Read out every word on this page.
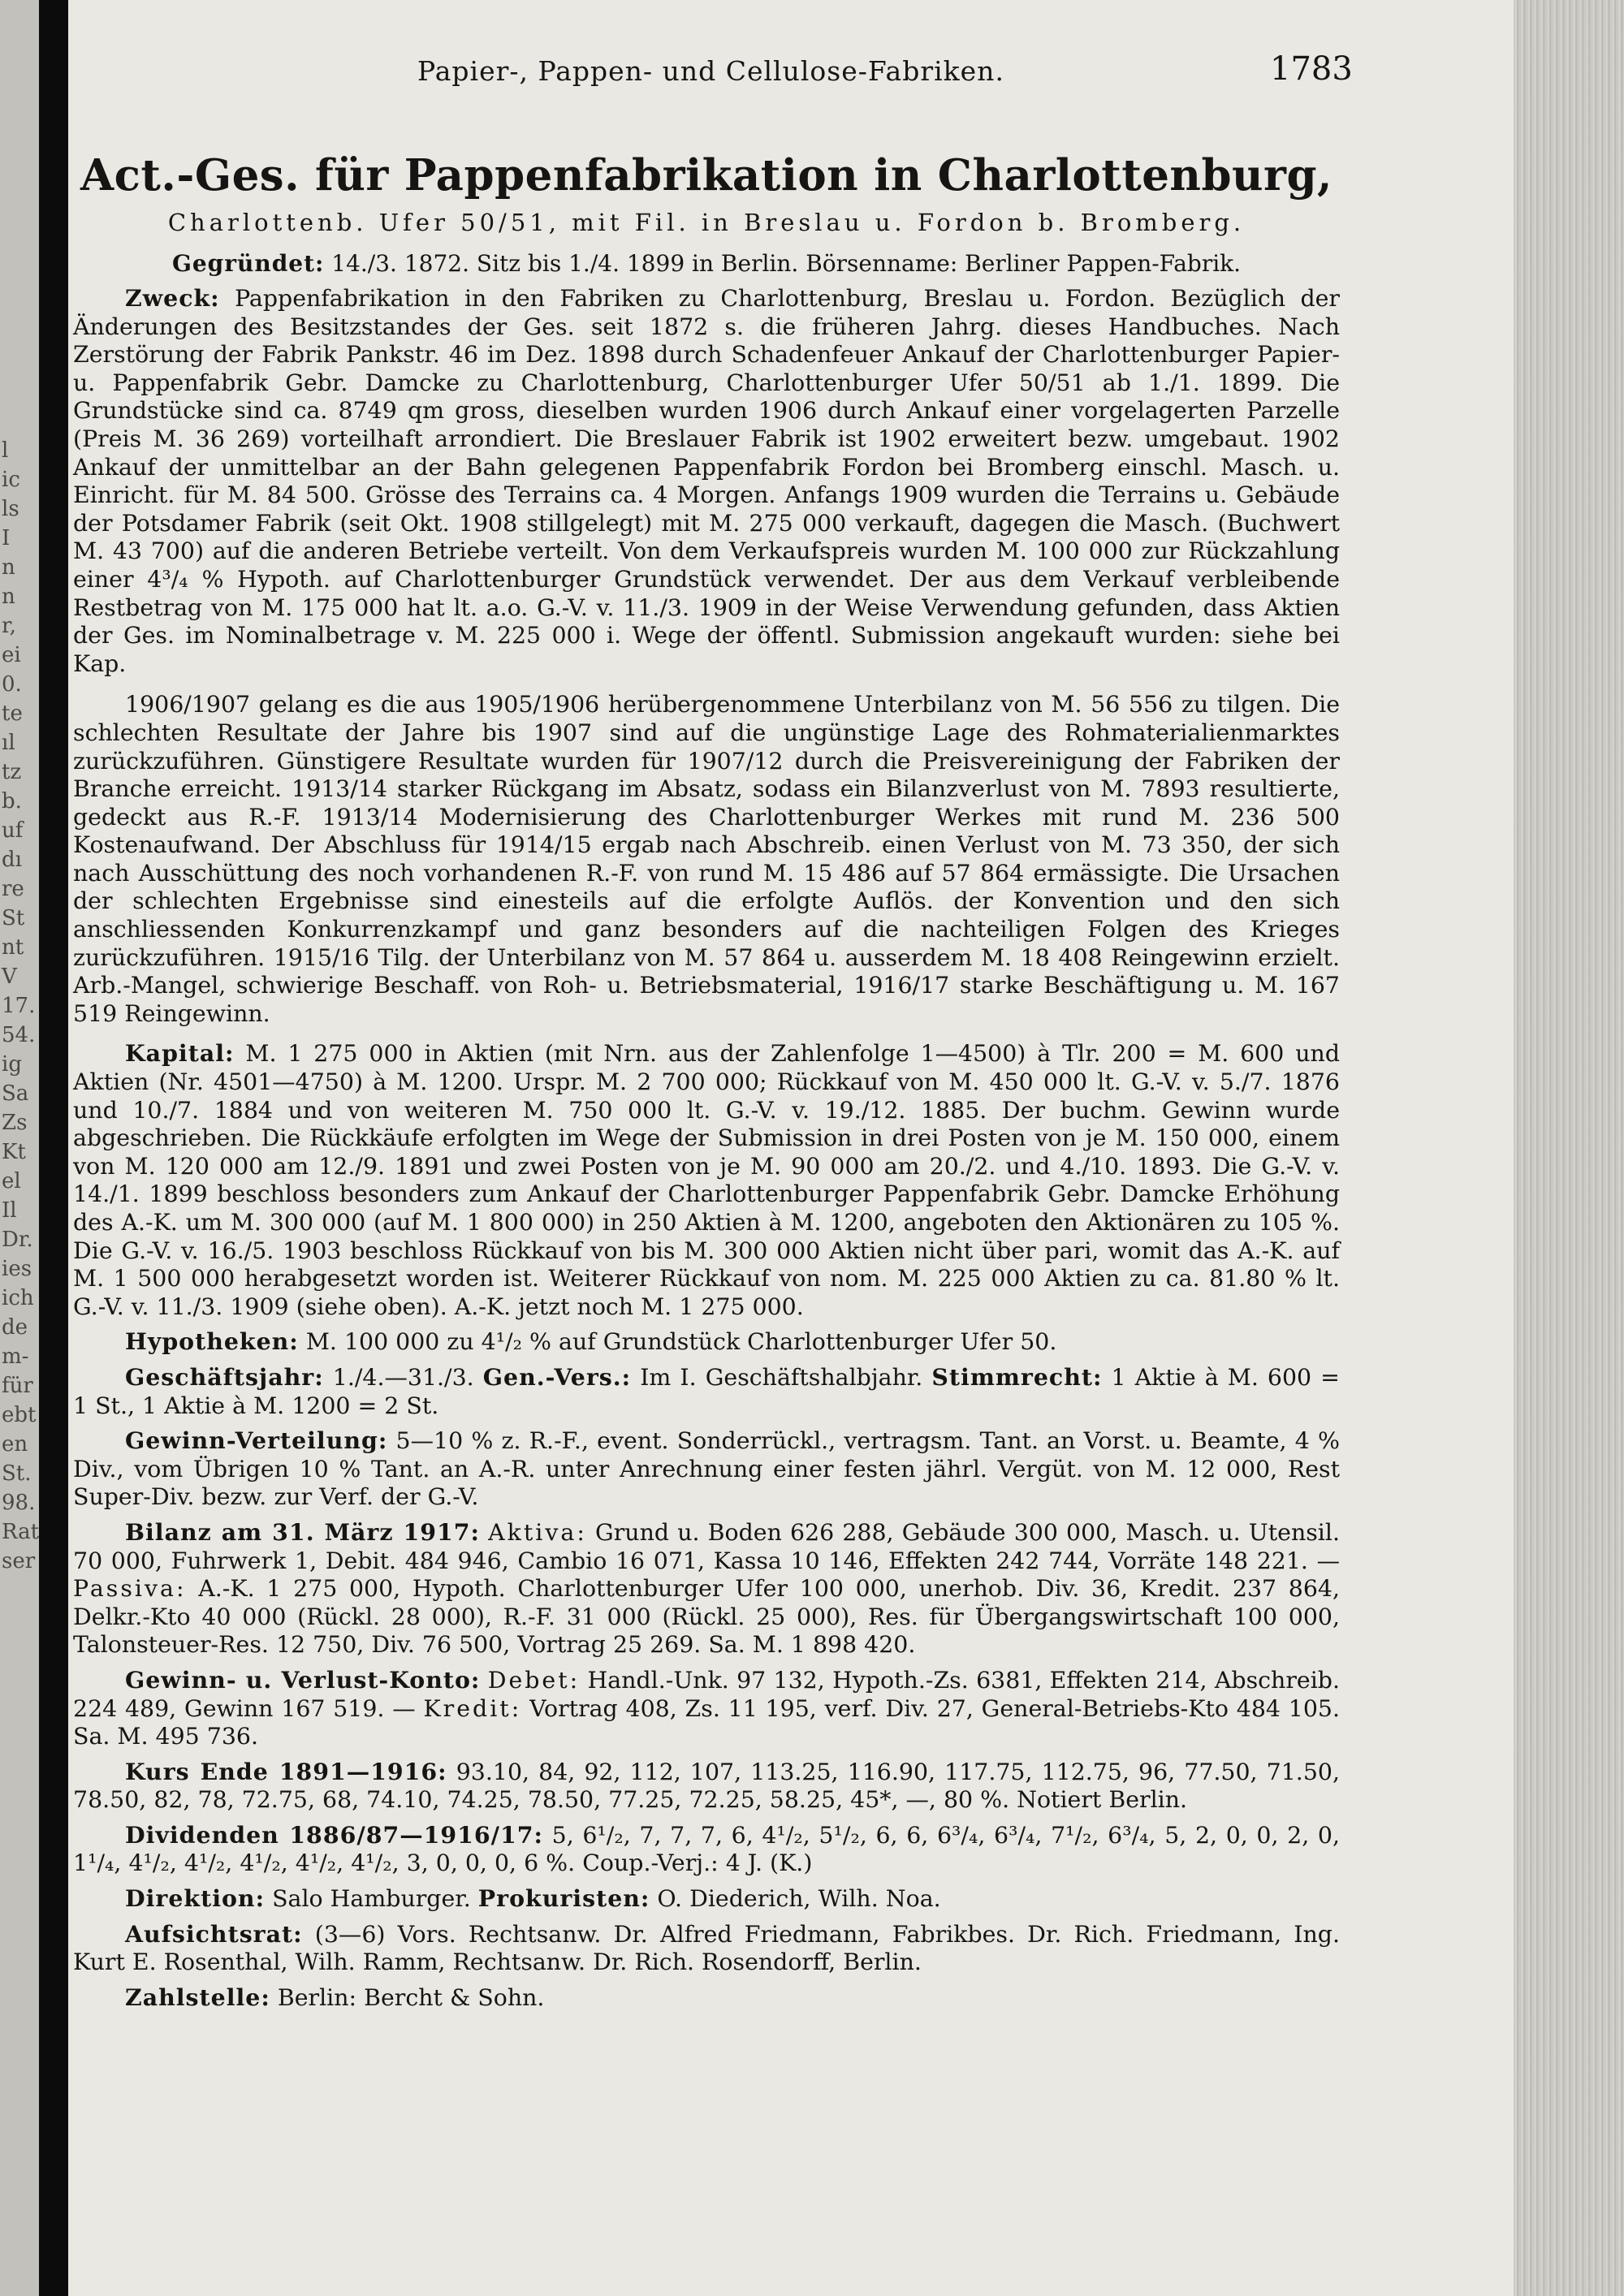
l
ic
ls
I
n
n
r,
ei
0.
te
ıl
tz
b.
uf
dı
re
St
nt
V
17.
54.
ig
Sa
Zs
Kt
el
Il
Dr.
ies
ich
de
m-
für
ebt
en
St.
98.
Rat
ser
Papier-, Pappen- und Cellulose-Fabriken.	1783
Act.-Ges. für Pappenfabrikation in Charlottenburg,
Charlottenb. Ufer 50/51, mit Fil. in Breslau u. Fordon b. Bromberg.
Gegründet: 14./3. 1872. Sitz bis 1./4. 1899 in Berlin. Börsenname: Berliner Pappen-Fabrik.

Zweck: Pappenfabrikation in den Fabriken zu Charlottenburg, Breslau u. Fordon. Bezüglich der Änderungen des Besitzstandes der Ges. seit 1872 s. die früheren Jahrg. dieses Handbuches. Nach Zerstörung der Fabrik Pankstr. 46 im Dez. 1898 durch Schadenfeuer Ankauf der Charlottenburger Papier- u. Pappenfabrik Gebr. Damcke zu Charlottenburg, Charlottenburger Ufer 50/51 ab 1./1. 1899. Die Grundstücke sind ca. 8749 qm gross, dieselben wurden 1906 durch Ankauf einer vorgelagerten Parzelle (Preis M. 36 269) vorteilhaft arrondiert. Die Breslauer Fabrik ist 1902 erweitert bezw. umgebaut. 1902 Ankauf der unmittelbar an der Bahn gelegenen Pappenfabrik Fordon bei Bromberg einschl. Masch. u. Einricht. für M. 84 500. Grösse des Terrains ca. 4 Morgen. Anfangs 1909 wurden die Terrains u. Gebäude der Potsdamer Fabrik (seit Okt. 1908 stillgelegt) mit M. 275 000 verkauft, dagegen die Masch. (Buchwert M. 43 700) auf die anderen Betriebe verteilt. Von dem Verkaufspreis wurden M. 100 000 zur Rückzahlung einer 4³/₄ % Hypoth. auf Charlottenburger Grundstück verwendet. Der aus dem Verkauf verbleibende Restbetrag von M. 175 000 hat lt. a.o. G.-V. v. 11./3. 1909 in der Weise Verwendung gefunden, dass Aktien der Ges. im Nominalbetrage v. M. 225 000 i. Wege der öffentl. Submission angekauft wurden: siehe bei Kap.

1906/1907 gelang es die aus 1905/1906 herübergenommene Unterbilanz von M. 56 556 zu tilgen. Die schlechten Resultate der Jahre bis 1907 sind auf die ungünstige Lage des Rohmaterialienmarktes zurückzuführen. Günstigere Resultate wurden für 1907/12 durch die Preisvereinigung der Fabriken der Branche erreicht. 1913/14 starker Rückgang im Absatz, sodass ein Bilanzverlust von M. 7893 resultierte, gedeckt aus R.-F. 1913/14 Modernisierung des Charlottenburger Werkes mit rund M. 236 500 Kostenaufwand. Der Abschluss für 1914/15 ergab nach Abschreib. einen Verlust von M. 73 350, der sich nach Ausschüttung des noch vorhandenen R.-F. von rund M. 15 486 auf 57 864 ermässigte. Die Ursachen der schlechten Ergebnisse sind einesteils auf die erfolgte Auflös. der Konvention und den sich anschliessenden Konkurrenzkampf und ganz besonders auf die nachteiligen Folgen des Krieges zurückzuführen. 1915/16 Tilg. der Unterbilanz von M. 57 864 u. ausserdem M. 18 408 Reingewinn erzielt. Arb.-Mangel, schwierige Beschaff. von Roh- u. Betriebsmaterial, 1916/17 starke Beschäftigung u. M. 167 519 Reingewinn.

Kapital: M. 1 275 000 in Aktien (mit Nrn. aus der Zahlenfolge 1—4500) à Tlr. 200 = M. 600 und Aktien (Nr. 4501—4750) à M. 1200. Urspr. M. 2 700 000; Rückkauf von M. 450 000 lt. G.-V. v. 5./7. 1876 und 10./7. 1884 und von weiteren M. 750 000 lt. G.-V. v. 19./12. 1885. Der buchm. Gewinn wurde abgeschrieben. Die Rückkäufe erfolgten im Wege der Submission in drei Posten von je M. 150 000, einem von M. 120 000 am 12./9. 1891 und zwei Posten von je M. 90 000 am 20./2. und 4./10. 1893. Die G.-V. v. 14./1. 1899 beschloss besonders zum Ankauf der Charlottenburger Pappenfabrik Gebr. Damcke Erhöhung des A.-K. um M. 300 000 (auf M. 1 800 000) in 250 Aktien à M. 1200, angeboten den Aktionären zu 105 %. Die G.-V. v. 16./5. 1903 beschloss Rückkauf von bis M. 300 000 Aktien nicht über pari, womit das A.-K. auf M. 1 500 000 herabgesetzt worden ist. Weiterer Rückkauf von nom. M. 225 000 Aktien zu ca. 81.80 % lt. G.-V. v. 11./3. 1909 (siehe oben). A.-K. jetzt noch M. 1 275 000.

Hypotheken: M. 100 000 zu 4¹/₂ % auf Grundstück Charlottenburger Ufer 50.

Geschäftsjahr: 1./4.—31./3. Gen.-Vers.: Im I. Geschäftshalbjahr. Stimmrecht: 1 Aktie à M. 600 = 1 St., 1 Aktie à M. 1200 = 2 St.

Gewinn-Verteilung: 5—10 % z. R.-F., event. Sonderrückl., vertragsm. Tant. an Vorst. u. Beamte, 4 % Div., vom Übrigen 10 % Tant. an A.-R. unter Anrechnung einer festen jährl. Vergüt. von M. 12 000, Rest Super-Div. bezw. zur Verf. der G.-V.

Bilanz am 31. März 1917: Aktiva: Grund u. Boden 626 288, Gebäude 300 000, Masch. u. Utensil. 70 000, Fuhrwerk 1, Debit. 484 946, Cambio 16 071, Kassa 10 146, Effekten 242 744, Vorräte 148 221. — Passiva: A.-K. 1 275 000, Hypoth. Charlottenburger Ufer 100 000, unerhob. Div. 36, Kredit. 237 864, Delkr.-Kto 40 000 (Rückl. 28 000), R.-F. 31 000 (Rückl. 25 000), Res. für Übergangswirtschaft 100 000, Talonsteuer-Res. 12 750, Div. 76 500, Vortrag 25 269. Sa. M. 1 898 420.

Gewinn- u. Verlust-Konto: Debet: Handl.-Unk. 97 132, Hypoth.-Zs. 6381, Effekten 214, Abschreib. 224 489, Gewinn 167 519. — Kredit: Vortrag 408, Zs. 11 195, verf. Div. 27, General-Betriebs-Kto 484 105. Sa. M. 495 736.

Kurs Ende 1891—1916: 93.10, 84, 92, 112, 107, 113.25, 116.90, 117.75, 112.75, 96, 77.50, 71.50, 78.50, 82, 78, 72.75, 68, 74.10, 74.25, 78.50, 77.25, 72.25, 58.25, 45*, —, 80 %. Notiert Berlin.

Dividenden 1886/87—1916/17: 5, 6¹/₂, 7, 7, 7, 6, 4¹/₂, 5¹/₂, 6, 6, 6³/₄, 6³/₄, 7¹/₂, 6³/₄, 5, 2, 0, 0, 2, 0, 1¹/₄, 4¹/₂, 4¹/₂, 4¹/₂, 4¹/₂, 4¹/₂, 3, 0, 0, 0, 6 %. Coup.-Verj.: 4 J. (K.)

Direktion: Salo Hamburger. Prokuristen: O. Diederich, Wilh. Noa.

Aufsichtsrat: (3—6) Vors. Rechtsanw. Dr. Alfred Friedmann, Fabrikbes. Dr. Rich. Friedmann, Ing. Kurt E. Rosenthal, Wilh. Ramm, Rechtsanw. Dr. Rich. Rosendorff, Berlin.

Zahlstelle: Berlin: Bercht & Sohn.
